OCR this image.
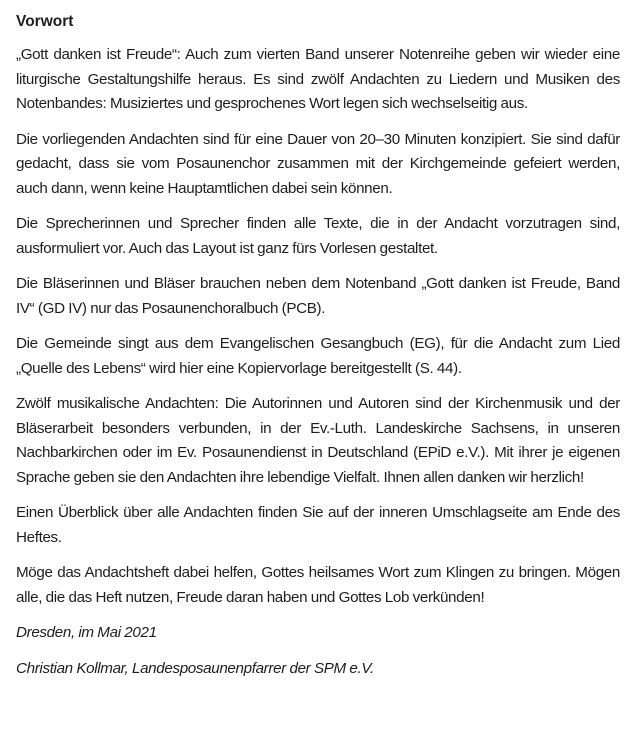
Vorwort

„Gott danken ist Freude“: Auch zum vierten Band unserer Notenreihe geben wir wieder eine liturgische Gestaltungshilfe heraus. Es sind zwölf Andachten zu Liedern und Musiken des Notenbandes: Musiziertes und gesprochenes Wort legen sich wechselseitig aus.

Die vorliegenden Andachten sind für eine Dauer von 20–30 Minuten konzipiert. Sie sind dafür gedacht, dass sie vom Posaunenchor zusammen mit der Kirchgemeinde gefeiert werden, auch dann, wenn keine Hauptamtlichen dabei sein können.

Die Sprecherinnen und Sprecher finden alle Texte, die in der Andacht vorzutragen sind, ausformuliert vor. Auch das Layout ist ganz fürs Vorlesen gestaltet.

Die Bläserinnen und Bläser brauchen neben dem Notenband „Gott danken ist Freude, Band IV“ (GD IV) nur das Posaunenchoralbuch (PCB).

Die Gemeinde singt aus dem Evangelischen Gesangbuch (EG), für die Andacht zum Lied „Quelle des Lebens“ wird hier eine Kopiervorlage bereitgestellt (S. 44).

Zwölf musikalische Andachten: Die Autorinnen und Autoren sind der Kirchenmusik und der Bläserarbeit besonders verbunden, in der Ev.-Luth. Landeskirche Sachsens, in unseren Nachbarkirchen oder im Ev. Posaunendienst in Deutschland (EPiD e.V.). Mit ihrer je eigenen Sprache geben sie den Andachten ihre lebendige Vielfalt. Ihnen allen danken wir herzlich!

Einen Überblick über alle Andachten finden Sie auf der inneren Umschlagseite am Ende des Heftes.

Möge das Andachtsheft dabei helfen, Gottes heilsames Wort zum Klingen zu bringen. Mögen alle, die das Heft nutzen, Freude daran haben und Gottes Lob verkünden!

Dresden, im Mai 2021

Christian Kollmar, Landesposaunenpfarrer der SPM e.V.
